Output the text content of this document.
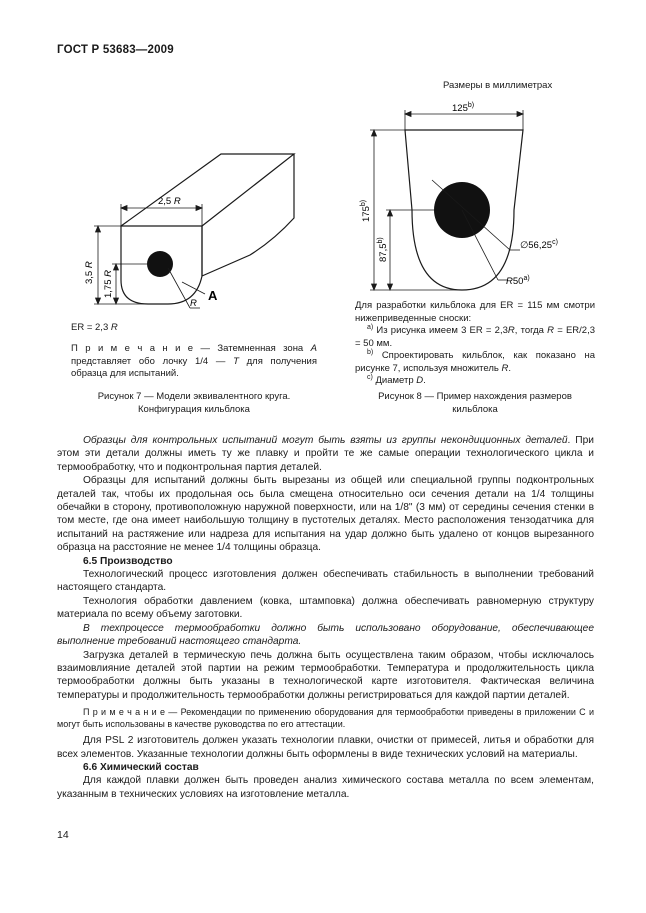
ГОСТ Р 53683—2009
Размеры в миллиметрах
2,5 R
3,5 R
1,75 R
R
A
ER = 2,3 R
П р и м е ч а н и е — Затемненная зона A представляет обо лочку 1/4 — T для получения образца для испытаний.
Рисунок 7 — Модели эквивалентного круга.
Конфигурация кильблока
125$^{b)}$
175$^{b)}$
87,5$^{b)}$	∅56,25$^{c)}$
R50$^{a)}$
Для разработки кильблока для ER = 115 мм смотри нижеприведенные сноски:
$^{a)}$ Из рисунка имеем 3 ER = 2,3R, тогда R = ER/2,3 = 50 мм.
$^{b)}$ Спроектировать кильблок, как показано на рисунке 7, используя множитель R.
$^{c)}$ Диаметр D.
Рисунок 8 — Пример нахождения размеров
кильблока

Образцы для контрольных испытаний могут быть взяты из группы некондиционных деталей. При этом эти детали должны иметь ту же плавку и пройти те же самые операции технологического цикла и термообработку, что и подконтрольная партия деталей.

Образцы для испытаний должны быть вырезаны из общей или специальной группы подконтрольных деталей так, чтобы их продольная ось была смещена относительно оси сечения детали на 1/4 толщины обечайки в сторону, противоположную наружной поверхности, или на 1/8" (3 мм) от середины сечения стенки в том месте, где она имеет наибольшую толщину в пустотелых деталях. Место расположения тензодатчика для испытаний на растяжение или надреза для испытания на удар должно быть удалено от концов вырезанного образца на расстояние не менее 1/4 толщины образца.

6.5 Производство

Технологический процесс изготовления должен обеспечивать стабильность в выполнении требований настоящего стандарта.

Технология обработки давлением (ковка, штамповка) должна обеспечивать равномерную структуру материала по всему объему заготовки.

В техпроцессе термообработки должно быть использовано оборудование, обеспечивающее выполнение требований настоящего стандарта.

Загрузка деталей в термическую печь должна быть осуществлена таким образом, чтобы исключалось взаимовлияние деталей этой партии на режим термообработки. Температура и продолжительность цикла термообработки должны быть указаны в технологической карте изготовителя. Фактическая величина температуры и продолжительность термообработки должны регистрироваться для каждой партии деталей.

П р и м е ч а н и е — Рекомендации по применению оборудования для термообработки приведены в приложении С и могут быть использованы в качестве руководства по его аттестации.

Для PSL 2 изготовитель должен указать технологии плавки, очистки от примесей, литья и обработки для всех элементов. Указанные технологии должны быть оформлены в виде технических условий на материалы.

6.6 Химический состав

Для каждой плавки должен быть проведен анализ химического состава металла по всем элементам, указанным в технических условиях на изготовление металла.

14
